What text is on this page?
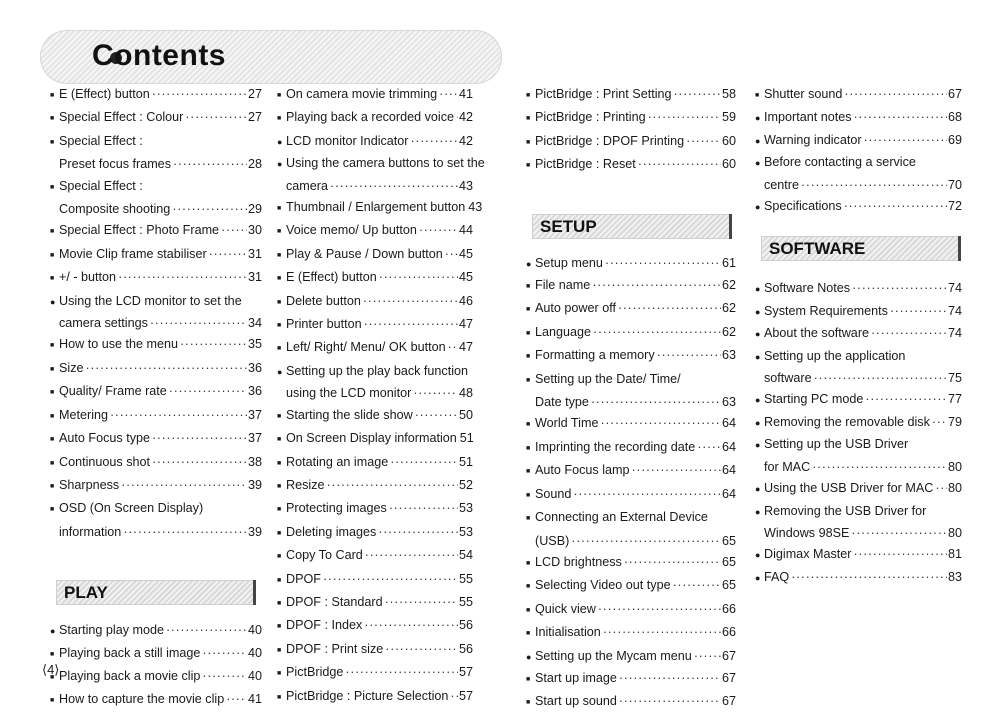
Contents
■
E (Effect) button ·····	27
■
Special Effect : Colour ·····	27
■
Special Effect :
Preset focus frames ·····	28
■
Special Effect :
Composite shooting ·····	29
■
Special Effect : Photo Frame ····· 30
■
Movie Clip frame stabiliser ·····	31
■
+/ - button ·····	31
●
Using the LCD monitor to set the
camera settings ·····	34
■
How to use the menu ·····	35
■
Size ·····	36
■
Quality/ Frame rate ·····	36
■
Metering ·····	37
■
Auto Focus type ·····	37
■
Continuous shot ·····	38
■
Sharpness ·····	39
■
OSD (On Screen Display)
information ·····	39
PLAY
●
Starting play mode ·····	40
■
Playing back a still image ·····	40
■
Playing back a movie clip ·····	40
■
How to capture the movie clip ····· 41
■
On camera movie trimming ····· 41
■
Playing back a recorded voice ····· 42
●
LCD monitor Indicator ·····	42
●
Using the camera buttons to set the
camera ·····	43
■
Thumbnail / Enlargement button 43
■
Voice memo/ Up button ·····	44
■
Play & Pause / Down button ····· 45
■
E (Effect) button ·····	45
■
Delete button ·····	46
■
Printer button ·····	47
■
Left/ Right/ Menu/ OK button ····· 47
●
Setting up the play back function
using the LCD monitor ·····	48
■
Starting the slide show ·····	50
■
On Screen Display information 51
■
Rotating an image ·····	51
■
Resize ·····	52
■
Protecting images ·····	53
■
Deleting images ·····	53
■
Copy To Card ·····	54
■
DPOF ·····	55
■
DPOF : Standard ·····	55
■
DPOF : Index ·····	56
■
DPOF : Print size ·····	56
■
PictBridge ·····	57
■
PictBridge : Picture Selection ····· 57
■
PictBridge : Print Setting ·····	58
■
PictBridge : Printing ·····	59
■
PictBridge : DPOF Printing ·····	60
■
PictBridge : Reset ·····	60
SETUP
●
Setup menu ·····	61
■
File name ·····	62
■
Auto power off ·····	62
■
Language ·····	62
■
Formatting a memory ·····	63
■
Setting up the Date/ Time/
Date type ·····	63
■
World Time ·····	64
■
Imprinting the recording date ····· 64
■
Auto Focus lamp ·····	64
■
Sound ·····	64
■
Connecting an External Device
(USB) ·····	65
■
LCD brightness ·····	65
■
Selecting Video out type ·····	65
■
Quick view ·····	66
■
Initialisation ·····	66
●
Setting up the Mycam menu ····· 67
■
Start up image ·····	67
■
Start up sound ·····	67
■
Shutter sound ·····	67
●
Important notes ·····	68
●
Warning indicator ·····	69
●
Before contacting a service
centre ·····	70
●
Specifications ·····	72
SOFTWARE
●
Software Notes ·····	74
●
System Requirements ·····	74
●
About the software ·····	74
●
Setting up the application
software ·····	75
●
Starting PC mode ·····	77
●
Removing the removable disk ····· 79
●
Setting up the USB Driver
for MAC ·····	80
●
Using the USB Driver for MAC ····· 80
●
Removing the USB Driver for
Windows 98SE ·····	80
●
Digimax Master ·····	81
●
FAQ ·····	83
⟨4⟩
